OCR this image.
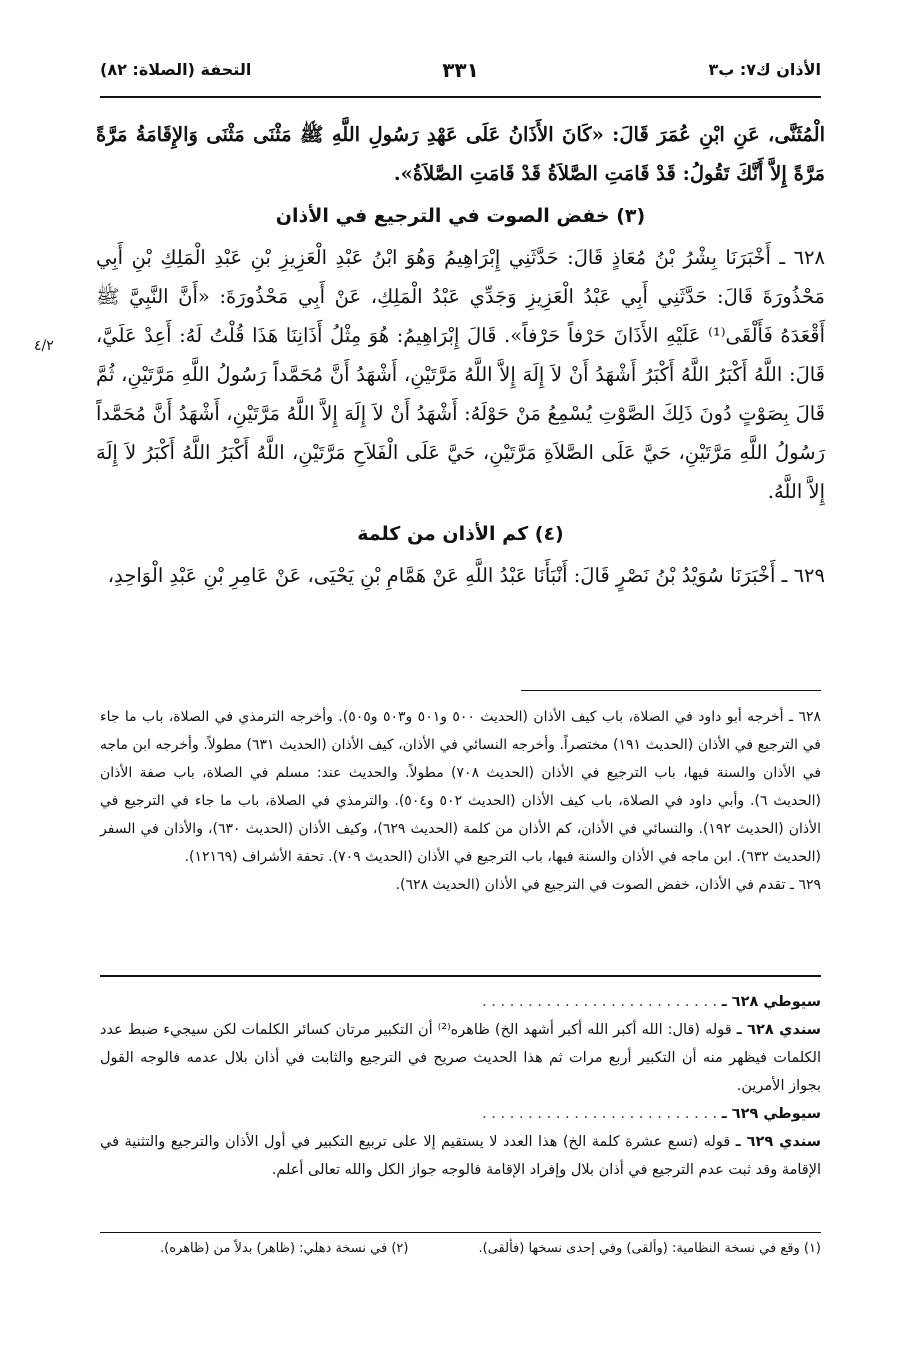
الأذان ك٧: ب٣
٣٣١
التحفة (الصلاة: ٨٢)
٤/٢

الْمُثَنَّى، عَنِ ابْنِ عُمَرَ قَالَ: «كَانَ الأَذَانُ عَلَى عَهْدِ رَسُولِ اللَّهِ ﷺ مَثْنَى مَثْنَى وَالإِقَامَةُ مَرَّةً مَرَّةً إِلاَّ أَنَّكَ تَقُولُ: قَدْ قَامَتِ الصَّلاَةُ قَدْ قَامَتِ الصَّلاَةُ».

(٣) خفض الصوت في الترجيع في الأذان

٦٢٨ ـ أَخْبَرَنَا بِشْرُ بْنُ مُعَاذٍ قَالَ: حَدَّثَنِي إِبْرَاهِيمُ وَهُوَ ابْنُ عَبْدِ الْعَزِيزِ بْنِ عَبْدِ الْمَلِكِ بْنِ أَبِي مَحْذُورَةَ قَالَ: حَدَّثَنِي أَبِي عَبْدُ الْعَزِيزِ وَجَدِّي عَبْدُ الْمَلِكِ، عَنْ أَبِي مَحْذُورَةَ: «أَنَّ النَّبِيَّ ﷺ أَقْعَدَهُ فَأَلْقَى⁽¹⁾ عَلَيْهِ الأَذَانَ حَرْفاً حَرْفاً». قَالَ إِبْرَاهِيمُ: هُوَ مِثْلُ أَذَانِنَا هَذَا قُلْتُ لَهُ: أَعِدْ عَلَيَّ، قَالَ: اللَّهُ أَكْبَرُ اللَّهُ أَكْبَرُ أَشْهَدُ أَنْ لاَ إِلَهَ إِلاَّ اللَّهُ مَرَّتَيْنِ، أَشْهَدُ أَنَّ مُحَمَّداً رَسُولُ اللَّهِ مَرَّتَيْنِ، ثُمَّ قَالَ بِصَوْتٍ دُونَ ذَلِكَ الصَّوْتِ يُسْمِعُ مَنْ حَوْلَهُ: أَشْهَدُ أَنْ لاَ إِلَهَ إِلاَّ اللَّهُ مَرَّتَيْنِ، أَشْهَدُ أَنَّ مُحَمَّداً رَسُولُ اللَّهِ مَرَّتَيْنِ، حَيَّ عَلَى الصَّلاَةِ مَرَّتَيْنِ، حَيَّ عَلَى الْفَلاَحِ مَرَّتَيْنِ، اللَّهُ أَكْبَرُ اللَّهُ أَكْبَرُ لاَ إِلَهَ إِلاَّ اللَّهُ.

(٤) كم الأذان من كلمة

٦٢٩ ـ أَخْبَرَنَا سُوَيْدُ بْنُ نَصْرٍ قَالَ: أَنْبَأَنَا عَبْدُ اللَّهِ عَنْ هَمَّامِ بْنِ يَحْيَى، عَنْ عَامِرِ بْنِ عَبْدِ الْوَاحِدِ،

٦٢٨ ـ أخرجه أبو داود في الصلاة، باب كيف الأذان (الحديث ٥٠٠ و٥٠١ و٥٠٣ و٥٠٥). وأخرجه الترمذي في الصلاة، باب ما جاء في الترجيع في الأذان (الحديث ١٩١) مختصراً. وأخرجه النسائي في الأذان، كيف الأذان (الحديث ٦٣١) مطولاً. وأخرجه ابن ماجه في الأذان والسنة فيها، باب الترجيع في الأذان (الحديث ٧٠٨) مطولاً. والحديث عند: مسلم في الصلاة، باب صفة الأذان (الحديث ٦). وأبي داود في الصلاة، باب كيف الأذان (الحديث ٥٠٢ و٥٠٤). والترمذي في الصلاة، باب ما جاء في الترجيع في الأذان (الحديث ١٩٢). والنسائي في الأذان، كم الأذان من كلمة (الحديث ٦٢٩)، وكيف الأذان (الحديث ٦٣٠)، والأذان في السفر (الحديث ٦٣٢). ابن ماجه في الأذان والسنة فيها، باب الترجيع في الأذان (الحديث ٧٠٩). تحفة الأشراف (١٢١٦٩).

٦٢٩ ـ تقدم في الأذان، خفض الصوت في الترجيع في الأذان (الحديث ٦٢٨).

سيوطي ٦٢٨ ـ . . . . . . . . . . . . . . . . . . . . . . . . . .

سندي ٦٢٨ ـ قوله (قال: الله أكبر الله أكبر أشهد الخ) ظاهره⁽²⁾ أن التكبير مرتان كسائر الكلمات لكن سيجيء ضبط عدد الكلمات فيظهر منه أن التكبير أربع مرات ثم هذا الحديث صريح في الترجيع والثابت في أذان بلال عدمه فالوجه القول بجواز الأمرين.

سيوطي ٦٢٩ ـ . . . . . . . . . . . . . . . . . . . . . . . . . .

سندي ٦٢٩ ـ قوله (تسع عشرة كلمة الخ) هذا العدد لا يستقيم إلا على تربيع التكبير في أول الأذان والترجيع والتثنية في الإقامة وقد ثبت عدم الترجيع في أذان بلال وإفراد الإقامة فالوجه جواز الكل والله تعالى أعلم.

(١) وقع في نسخة النظامية: (وألقى) وفي إحدى نسخها (فألقى).
(٢) في نسخة دهلي: (ظاهر) بدلاً من (ظاهره).
